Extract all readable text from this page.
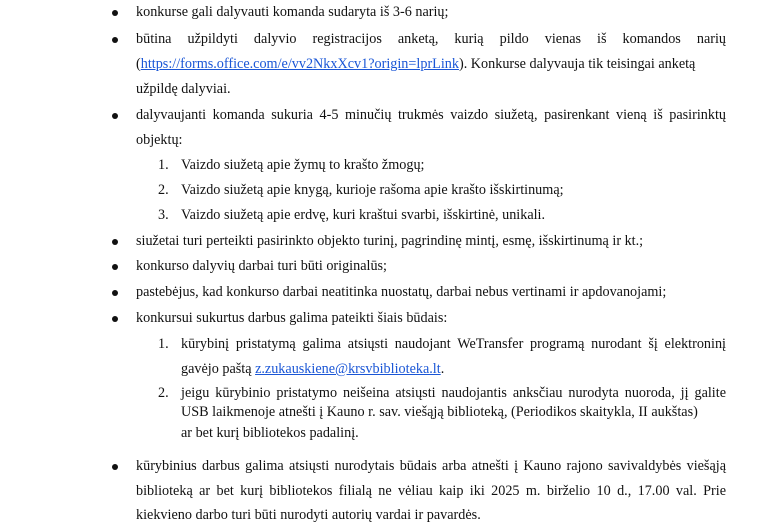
konkurse gali dalyvauti komanda sudaryta iš 3-6 narių;
būtina užpildyti dalyvio registracijos anketą, kurią pildo vienas iš komandos narių
(https://forms.office.com/e/vv2NkxXcv1?origin=lprLink). Konkurse dalyvauja tik teisingai anketą
užpildę dalyviai.
dalyvaujanti komanda sukuria 4-5 minučių trukmės vaizdo siužetą, pasirenkant vieną iš pasirinktų
objektų:
1. Vaizdo siužetą apie žymų to krašto žmogų;
2. Vaizdo siužetą apie knygą, kurioje rašoma apie krašto išskirtinumą;
3. Vaizdo siužetą apie erdvę, kuri kraštui svarbi, išskirtinė, unikali.
siužetai turi perteikti pasirinkto objekto turinį, pagrindinę mintį, esmę, išskirtinumą ir kt.;
konkurso dalyvių darbai turi būti originalūs;
pastebėjus, kad konkurso darbai neatitinka nuostatų, darbai nebus vertinami ir apdovanojami;
konkursui sukurtus darbus galima pateikti šiais būdais:
1. kūrybinį pristatymą galima atsiųsti naudojant WeTransfer programą nurodant šį elektroninį
gavėjo paštą z.zukauskiene@krsvbiblioteka.lt.
2. jeigu kūrybinio pristatymo neišeina atsiųsti naudojantis anksčiau nurodyta nuoroda, jį galite
USB laikmenoje atnešti į Kauno r. sav. viešąją biblioteką, (Periodikos skaitykla, II aukštas)
ar bet kurį bibliotekos padalinį.
kūrybinius darbus galima atsiųsti nurodytais būdais arba atnešti į Kauno rajono savivaldybės viešąją
biblioteką ar bet kurį bibliotekos filialą ne vėliau kaip iki 2025 m. birželio 10 d., 17.00 val. Prie
kiekvieno darbo turi būti nurodyti autorių vardai ir pavardės.
